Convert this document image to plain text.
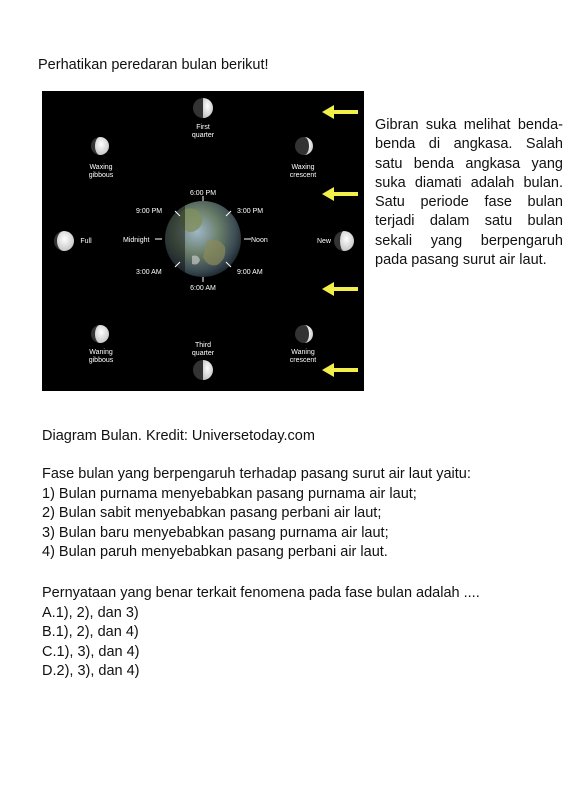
Perhatikan peredaran bulan berikut!
6:00 PM
9:00 PM	3:00 PM
Midnight	Noon
3:00 AM	9:00 AM
6:00 AM
First
quarter
Waxing
gibbous
Waxing
crescent
Full	New
Waning
gibbous
Third
quarter	Waning
crescent
Gibran suka melihat benda-benda di angkasa. Salah satu benda angkasa yang suka diamati adalah bulan. Satu periode fase bulan terjadi dalam satu bulan sekali yang berpengaruh pada pasang surut air laut.
Diagram Bulan. Kredit: Universetoday.com

Fase bulan yang berpengaruh terhadap pasang surut air laut yaitu:

1) Bulan purnama menyebabkan pasang purnama air laut;

2) Bulan sabit menyebabkan pasang perbani air laut;

3) Bulan baru menyebabkan pasang purnama air laut;

4) Bulan paruh menyebabkan pasang perbani air laut.

Pernyataan yang benar terkait fenomena pada fase bulan adalah ....

A.1), 2), dan 3)

B.1), 2), dan 4)

C.1), 3), dan 4)

D.2), 3), dan 4)
